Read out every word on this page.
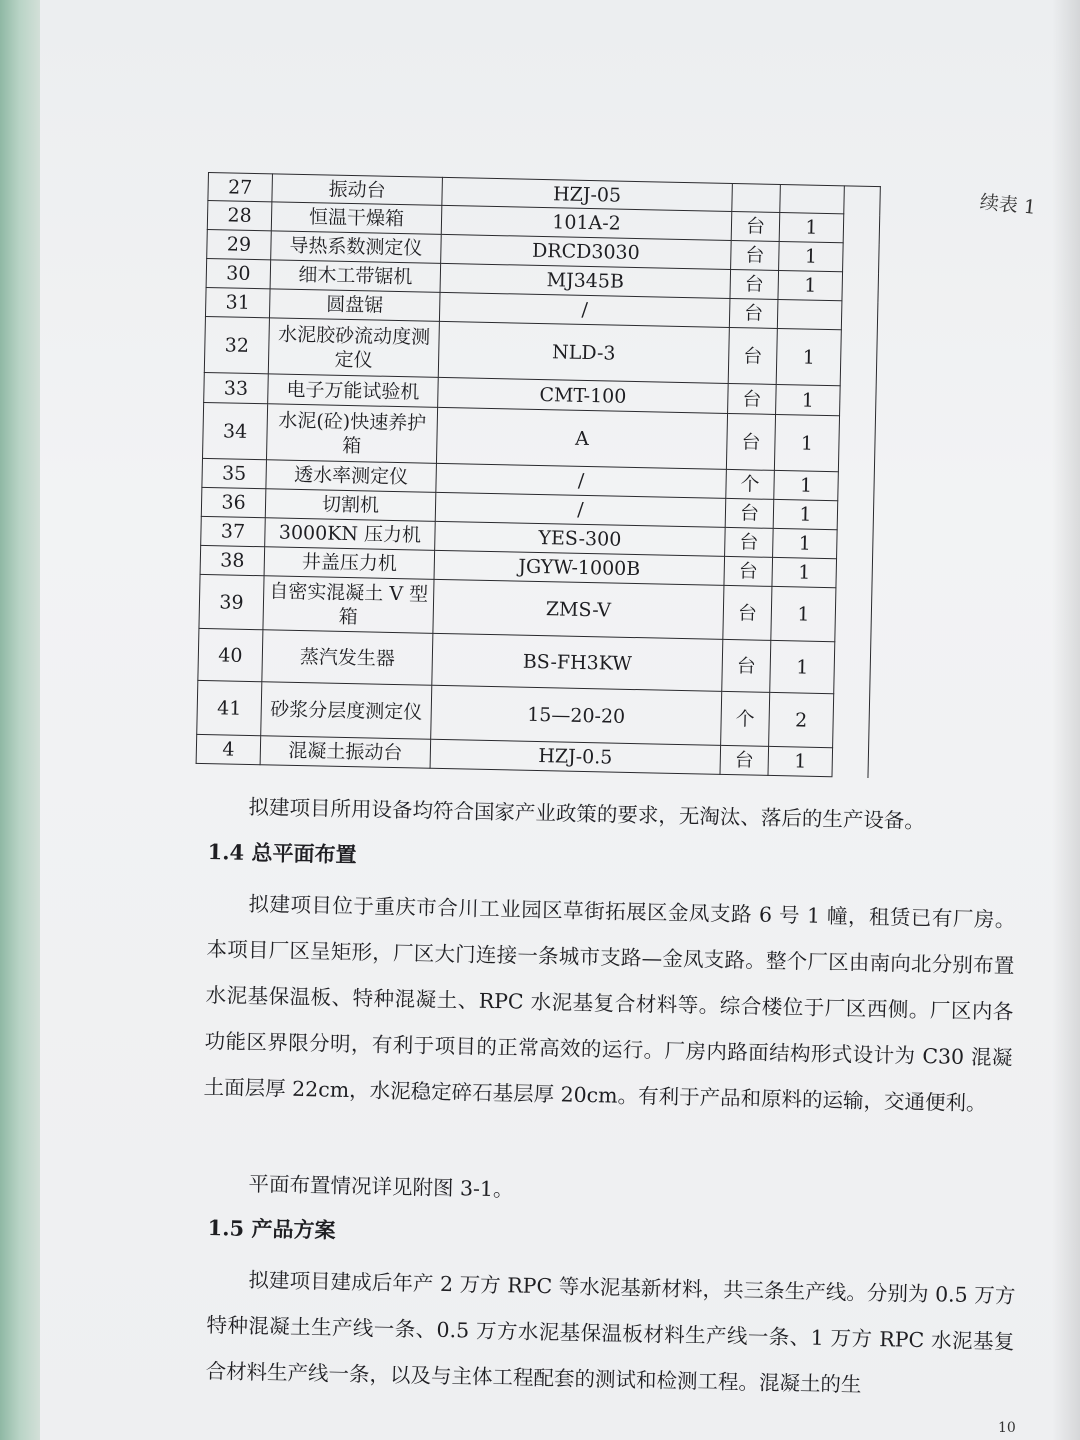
续表 1
27	振动台	HZJ-05			
28	恒温干燥箱	101A-2	台	1	
29	导热系数测定仪	DRCD3030	台	1	
30	细木工带锯机	MJ345B	台	1	
31	圆盘锯	/	台		
32	水泥胶砂流动度测定仪	NLD-3	台	1	
33	电子万能试验机	CMT-100	台	1	
34	水泥(砼)快速养护箱	A	台	1	
35	透水率测定仪	/	个	1	
36	切割机	/	台	1	
37	3000KN 压力机	YES-300	台	1	
38	井盖压力机	JGYW-1000B	台	1	
39	自密实混凝土 V 型箱	ZMS-V	台	1	
40	蒸汽发生器	BS-FH3KW	台	1	
41	砂浆分层度测定仪	15—20-20	个	2	
4	混凝土振动台	HZJ-0.5	台	1	

拟建项目所用设备均符合国家产业政策的要求，无淘汰、落后的生产设备。

1.4 总平面布置

拟建项目位于重庆市合川工业园区草街拓展区金凤支路 6 号 1 幢，租赁已有厂房。本项目厂区呈矩形，厂区大门连接一条城市支路—金凤支路。整个厂区由南向北分别布置水泥基保温板、特种混凝土、RPC 水泥基复合材料等。综合楼位于厂区西侧。厂区内各功能区界限分明，有利于项目的正常高效的运行。厂房内路面结构形式设计为 C30 混凝土面层厚 22cm，水泥稳定碎石基层厚 20cm。有利于产品和原料的运输，交通便利。

平面布置情况详见附图 3-1。

1.5 产品方案

拟建项目建成后年产 2 万方 RPC 等水泥基新材料，共三条生产线。分别为 0.5 万方特种混凝土生产线一条、0.5 万方水泥基保温板材料生产线一条、1 万方 RPC 水泥基复合材料生产线一条，以及与主体工程配套的测试和检测工程。混凝土的生

10
